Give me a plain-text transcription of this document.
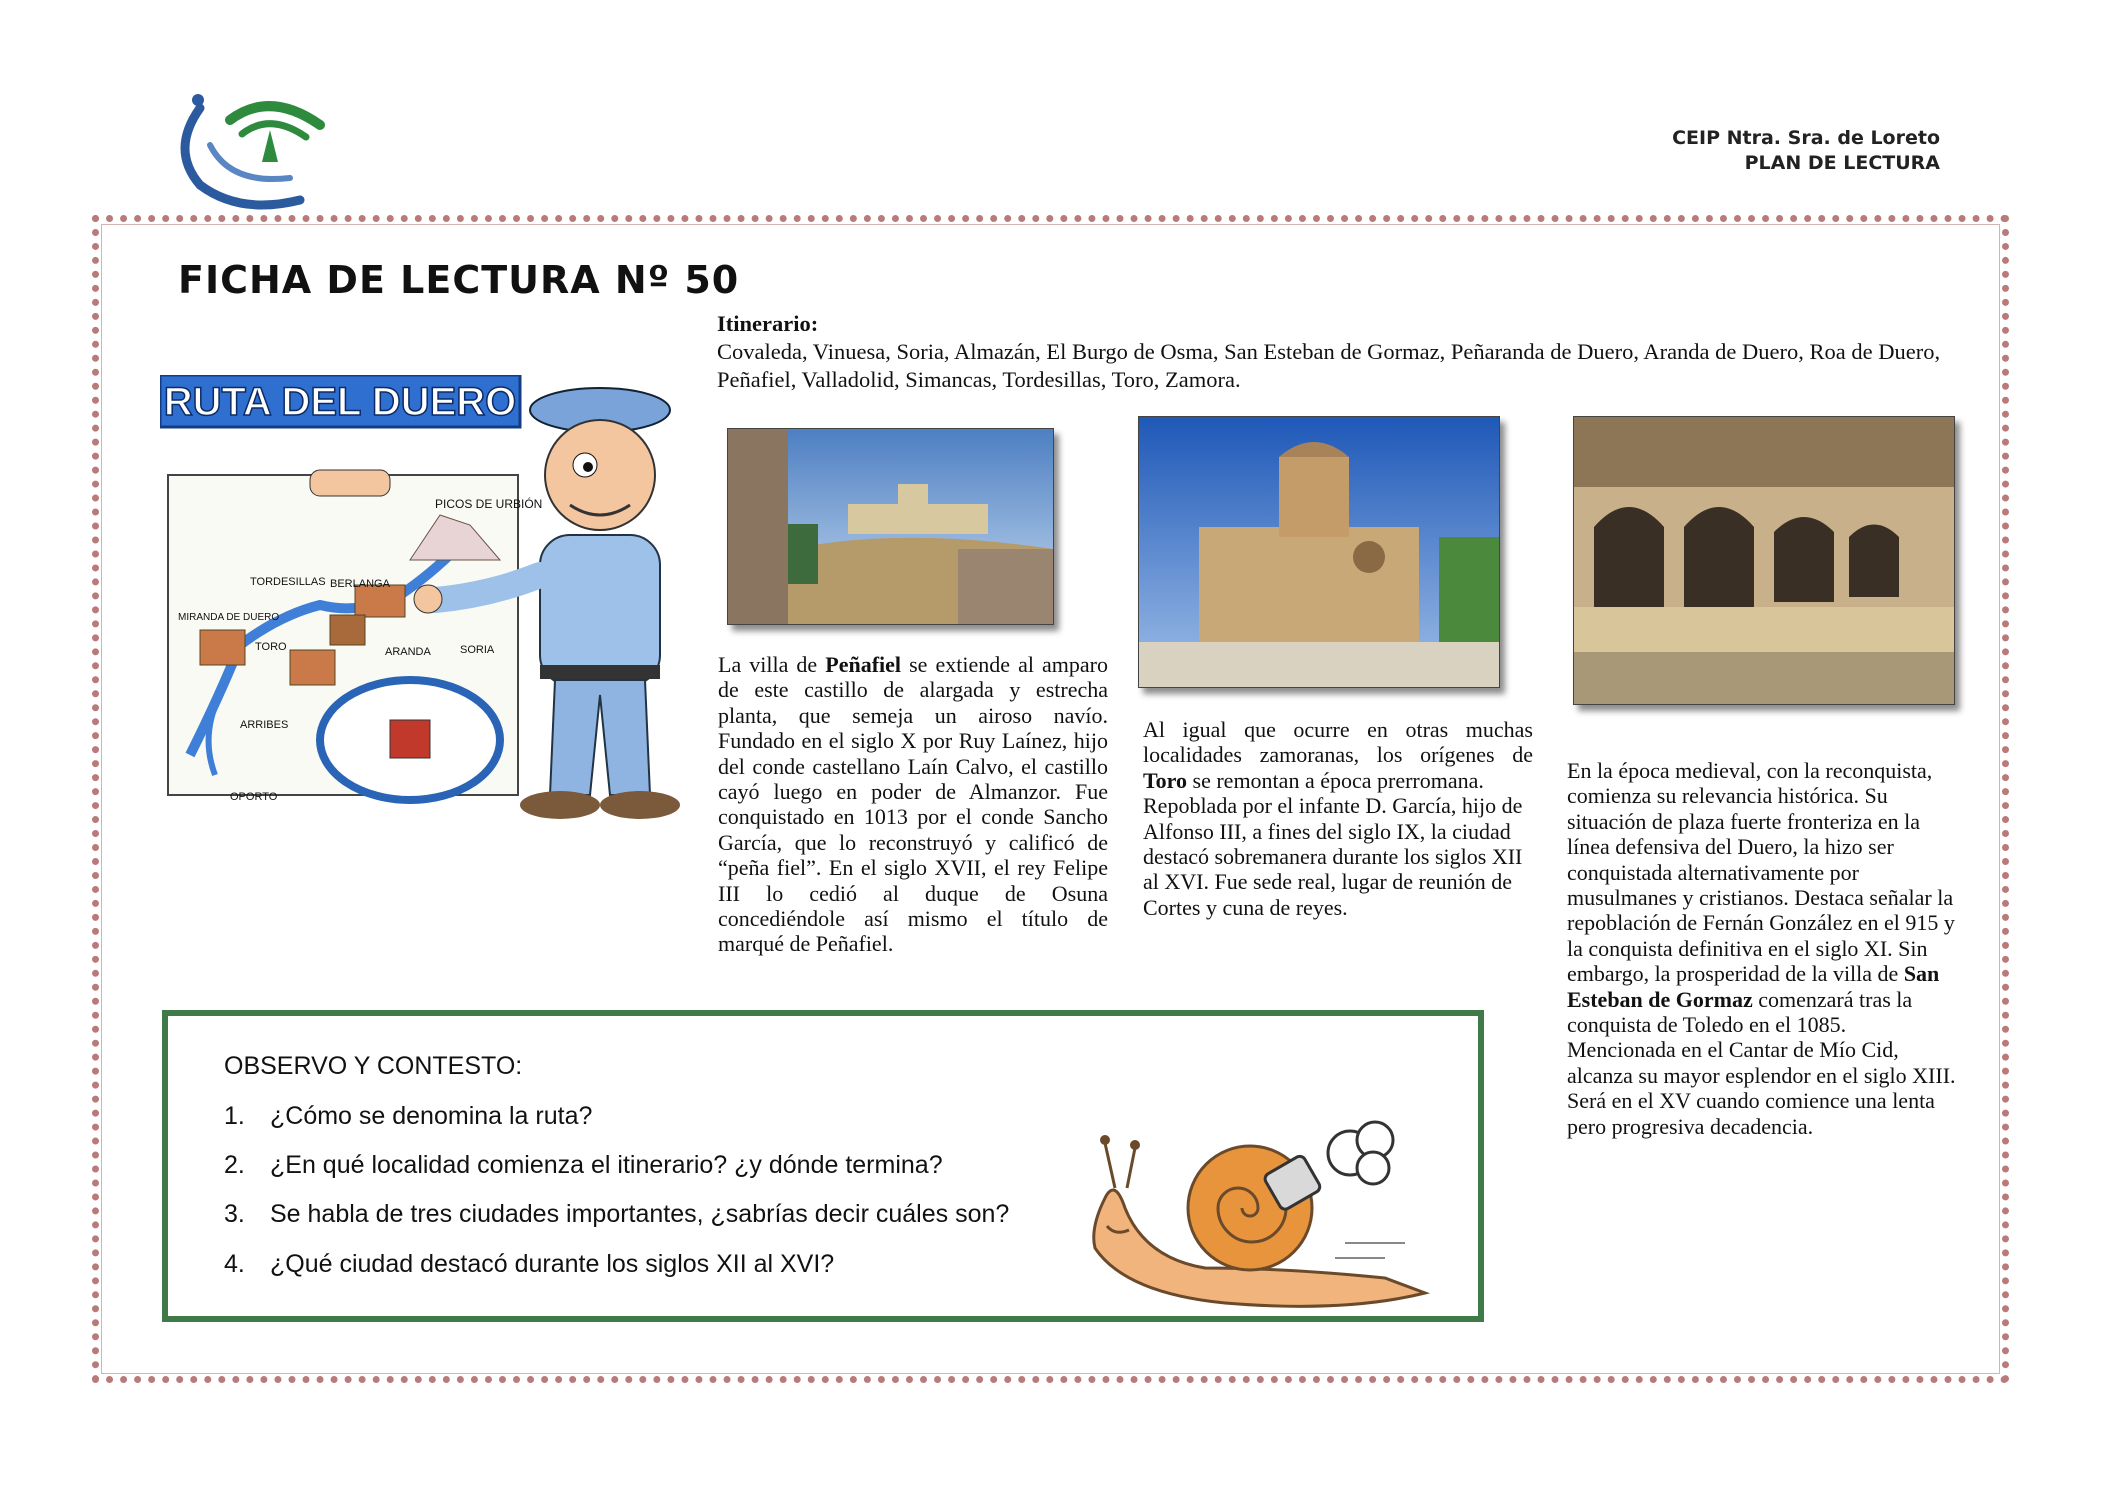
CEIP Ntra. Sra. de Loreto
PLAN DE LECTURA
FICHA DE LECTURA Nº 50
Itinerario:
Covaleda, Vinuesa, Soria, Almazán, El Burgo de Osma, San Esteban de Gormaz, Peñaranda de Duero, Aranda de Duero, Roa de Duero, Peñafiel, Valladolid, Simancas, Tordesillas, Toro, Zamora.
RUTA DEL DUERO
PICOS DE URBIÓN
TORDESILLAS BERLANGA
MIRANDA DE DUERO
TORO	ARANDA	SORIA
ARRIBES
OPORTO

La villa de Peñafiel se extiende al amparo de este castillo de alargada y estrecha planta, que semeja un airoso navío. Fundado en el siglo X por Ruy Laínez, hijo del conde castellano Laín Calvo, el castillo cayó luego en poder de Almanzor. Fue conquistado en 1013 por el conde Sancho García, que lo reconstruyó y calificó de “peña fiel”. En el siglo XVII, el rey Felipe III lo cedió al duque de Osuna concediéndole así mismo el título de marqué de Peñafiel.

Al igual que ocurre en otras muchas localidades zamoranas, los orígenes de Toro se remontan a época prerromana.

Repoblada por el infante D. García, hijo de Alfonso III, a fines del siglo IX, la ciudad destacó sobremanera durante los siglos XII al XVI. Fue sede real, lugar de reunión de Cortes y cuna de reyes.

En la época medieval, con la reconquista, comienza su relevancia histórica. Su situación de plaza fuerte fronteriza en la línea defensiva del Duero, la hizo ser conquistada alternativamente por musulmanes y cristianos. Destaca señalar la repoblación de Fernán González en el 915 y la conquista definitiva en el siglo XI. Sin embargo, la prosperidad de la villa de San Esteban de Gormaz comenzará tras la conquista de Toledo en el 1085.

Mencionada en el Cantar de Mío Cid, alcanza su mayor esplendor en el siglo XIII. Será en el XV cuando comience una lenta pero progresiva decadencia.

OBSERVO Y CONTESTO:
1. ¿Cómo se denomina la ruta?
2. ¿En qué localidad comienza el itinerario? ¿y dónde termina?
3. Se habla de tres ciudades importantes, ¿sabrías decir cuáles son?
4. ¿Qué ciudad destacó durante los siglos XII al XVI?
